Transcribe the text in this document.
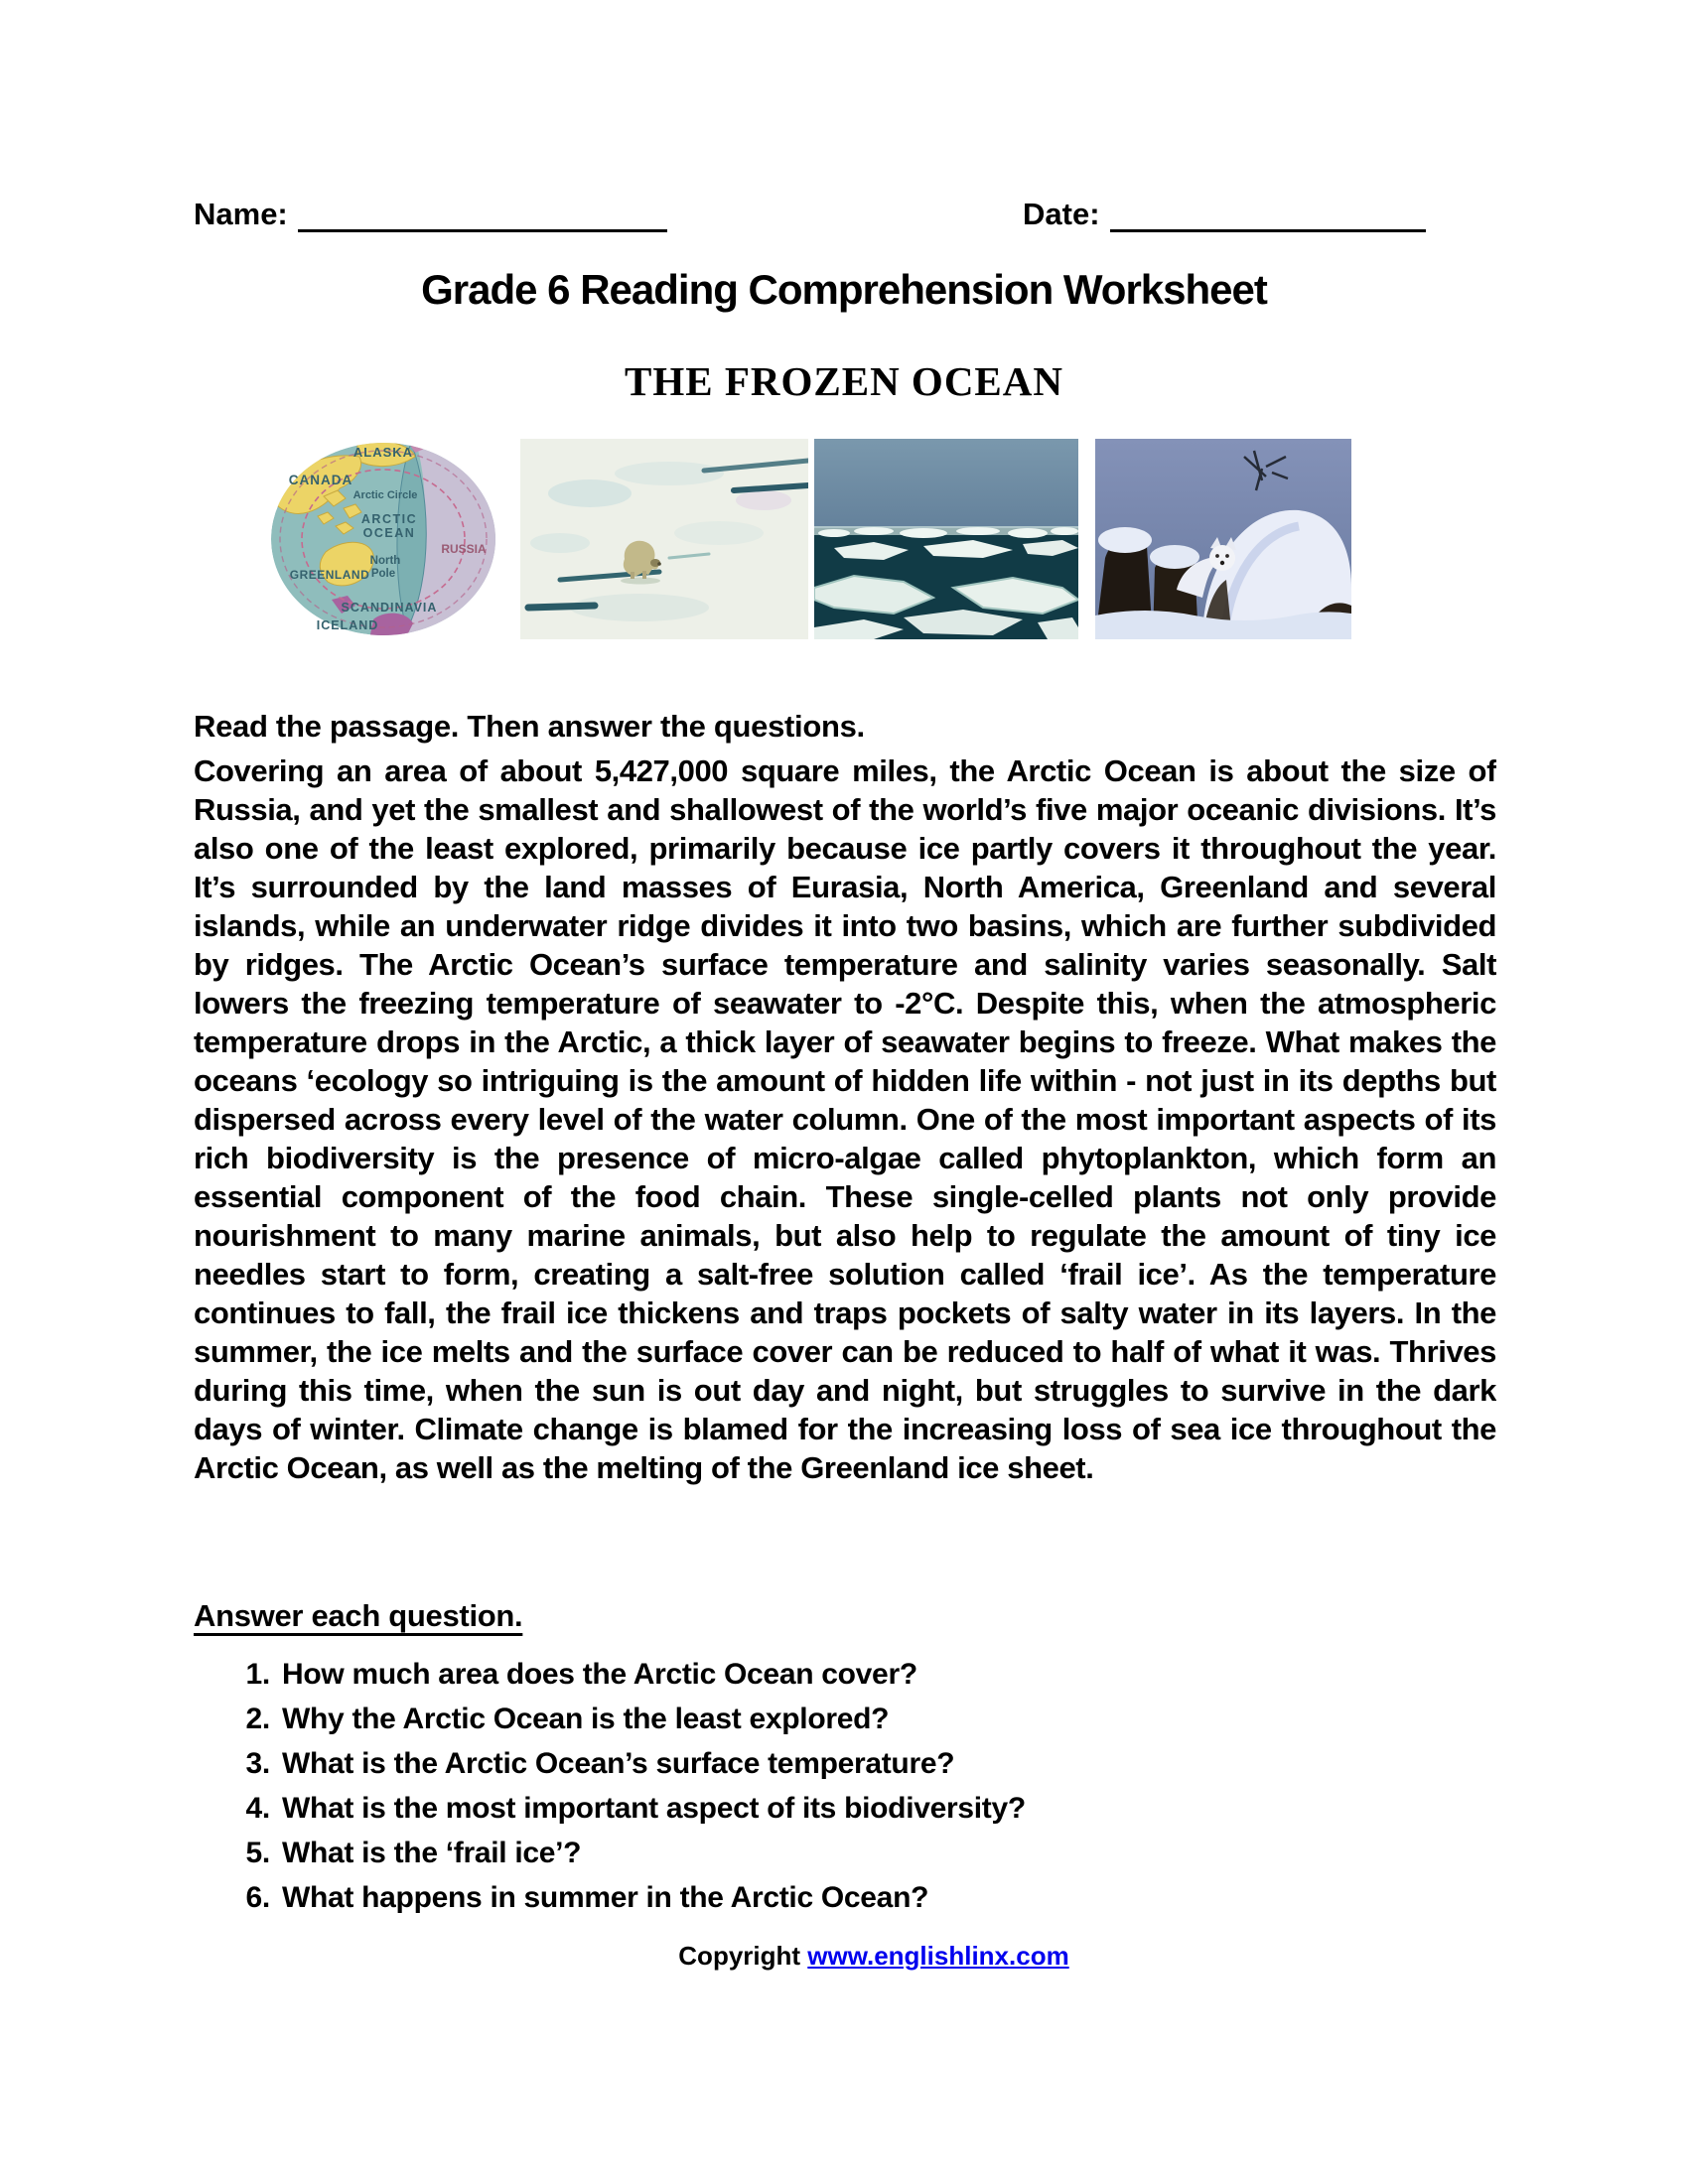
Name:	Date:
Grade 6 Reading Comprehension Worksheet
THE FROZEN OCEAN
ALASKA
CANADA
Arctic Circle
ARCTIC
OCEAN
RUSSIA
North
Pole
GREENLAND
SCANDINAVIA
ICELAND
Read the passage. Then answer the questions.
Covering an area of about 5,427,000 square miles, the Arctic Ocean is about the size of Russia, and yet the smallest and shallowest of the world’s five major oceanic divisions. It’s also one of the least explored, primarily because ice partly covers it throughout the year. It’s surrounded by the land masses of Eurasia, North America, Greenland and several islands, while an underwater ridge divides it into two basins, which are further subdivided by ridges. The Arctic Ocean’s surface temperature and salinity varies seasonally. Salt lowers the freezing temperature of seawater to -2°C. Despite this, when the atmospheric temperature drops in the Arctic, a thick layer of seawater begins to freeze. What makes the oceans ‘ecology so intriguing is the amount of hidden life within - not just in its depths but dispersed across every level of the water column. One of the most important aspects of its rich biodiversity is the presence of micro-algae called phytoplankton, which form an essential component of the food chain. These single-celled plants not only provide nourishment to many marine animals, but also help to regulate the amount of tiny ice needles start to form, creating a salt-free solution called ‘frail ice’. As the temperature continues to fall, the frail ice thickens and traps pockets of salty water in its layers. In the summer, the ice melts and the surface cover can be reduced to half of what it was. Thrives during this time, when the sun is out day and night, but struggles to survive in the dark days of winter. Climate change is blamed for the increasing loss of sea ice throughout the Arctic Ocean, as well as the melting of the Greenland ice sheet.
Answer each question.
1. How much area does the Arctic Ocean cover?
2. Why the Arctic Ocean is the least explored?
3. What is the Arctic Ocean’s surface temperature?
4. What is the most important aspect of its biodiversity?
5. What is the ‘frail ice’?
6. What happens in summer in the Arctic Ocean?
Copyright www.englishlinx.com
